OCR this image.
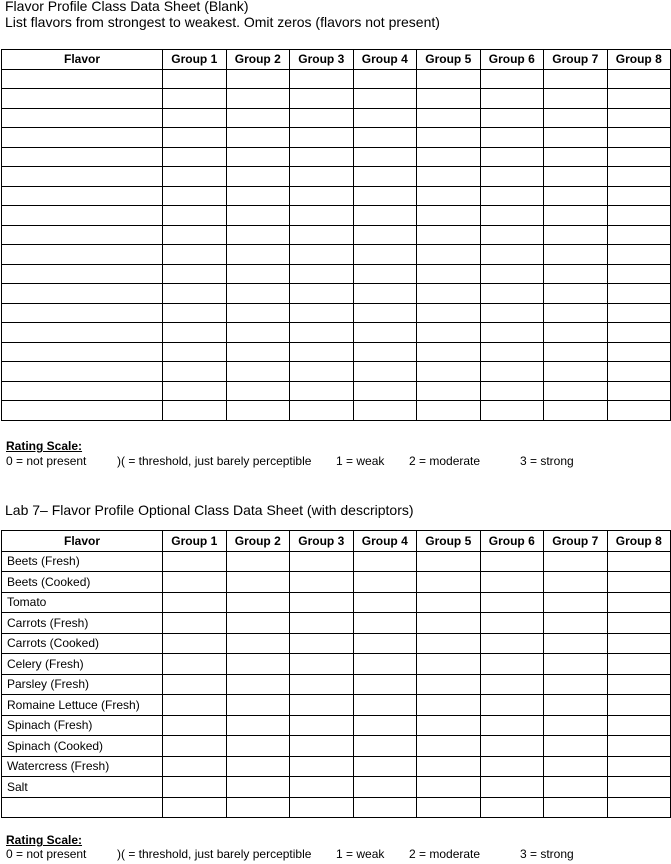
Flavor Profile Class Data Sheet (Blank)
List flavors from strongest to weakest. Omit zeros (flavors not present)
Flavor	Group 1	Group 2	Group 3	Group 4	Group 5	Group 6	Group 7	Group 8

Rating Scale:
0 = not present	)( = threshold, just barely perceptible 1 = weak 2 = moderate	3 = strong
Lab 7– Flavor Profile Optional Class Data Sheet (with descriptors)
Flavor	Group 1	Group 2	Group 3	Group 4	Group 5	Group 6	Group 7	Group 8
Beets (Fresh)								
Beets (Cooked)								
Tomato								
Carrots (Fresh)								
Carrots (Cooked)								
Celery (Fresh)								
Parsley (Fresh)								
Romaine Lettuce (Fresh)								
Spinach (Fresh)								
Spinach (Cooked)								
Watercress (Fresh)								
Salt								

Rating Scale:
0 = not present	)( = threshold, just barely perceptible 1 = weak 2 = moderate	3 = strong
